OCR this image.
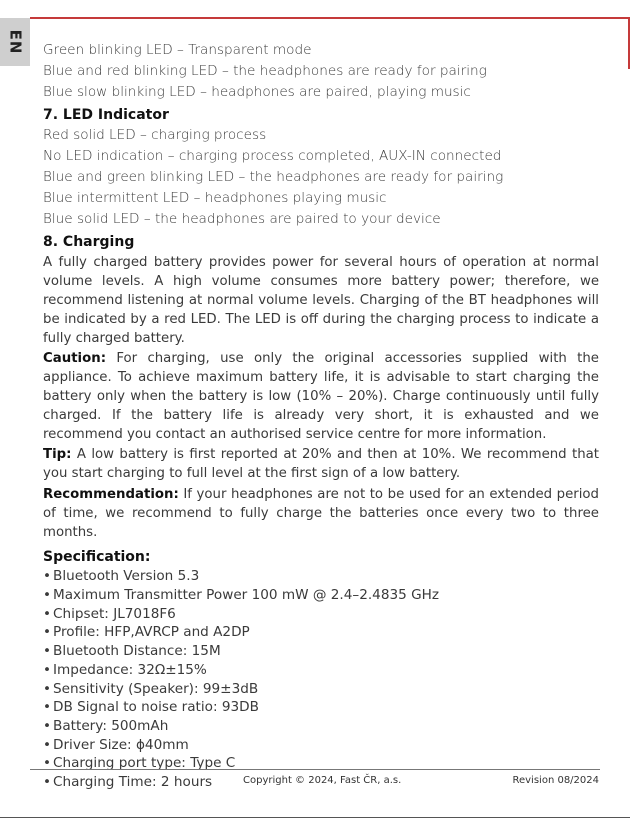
EN Green blinking LED – Transparent mode

Blue and red blinking LED – the headphones are ready for pairing

Blue slow blinking LED – headphones are paired, playing music

7. LED Indicator

Red solid LED – charging process

No LED indication – charging process completed, AUX-IN connected

Blue and green blinking LED – the headphones are ready for pairing

Blue intermittent LED – headphones playing music

Blue solid LED – the headphones are paired to your device

8. Charging

A fully charged battery provides power for several hours of operation at normal volume levels. A high volume consumes more battery power; therefore, we recommend listening at normal volume levels. Charging of the BT headphones will be indicated by a red LED. The LED is off during the charging process to indicate a fully charged battery.

Caution: For charging, use only the original accessories supplied with the appliance. To achieve maximum battery life, it is advisable to start charging the battery only when the battery is low (10% – 20%). Charge continuously until fully charged. If the battery life is already very short, it is exhausted and we recommend you contact an authorised service centre for more information.

Tip: A low battery is first reported at 20% and then at 10%. We recommend that you start charging to full level at the first sign of a low battery.

Recommendation: If your headphones are not to be used for an extended period of time, we recommend to fully charge the batteries once every two to three months.

Specification:

• Bluetooth Version 5.3
• Maximum Transmitter Power 100 mW @ 2.4–2.4835 GHz
• Chipset: JL7018F6
• Profile: HFP,AVRCP and A2DP
• Bluetooth Distance: 15M
• Impedance: 32Ω±15%
• Sensitivity (Speaker): 99±3dB
• DB Signal to noise ratio: 93DB
• Battery: 500mAh
• Driver Size: ϕ40mm
• Charging port type: Type C
• Charging Time: 2 hours	Copyright © 2024, Fast ČR, a.s.	Revision 08/2024
